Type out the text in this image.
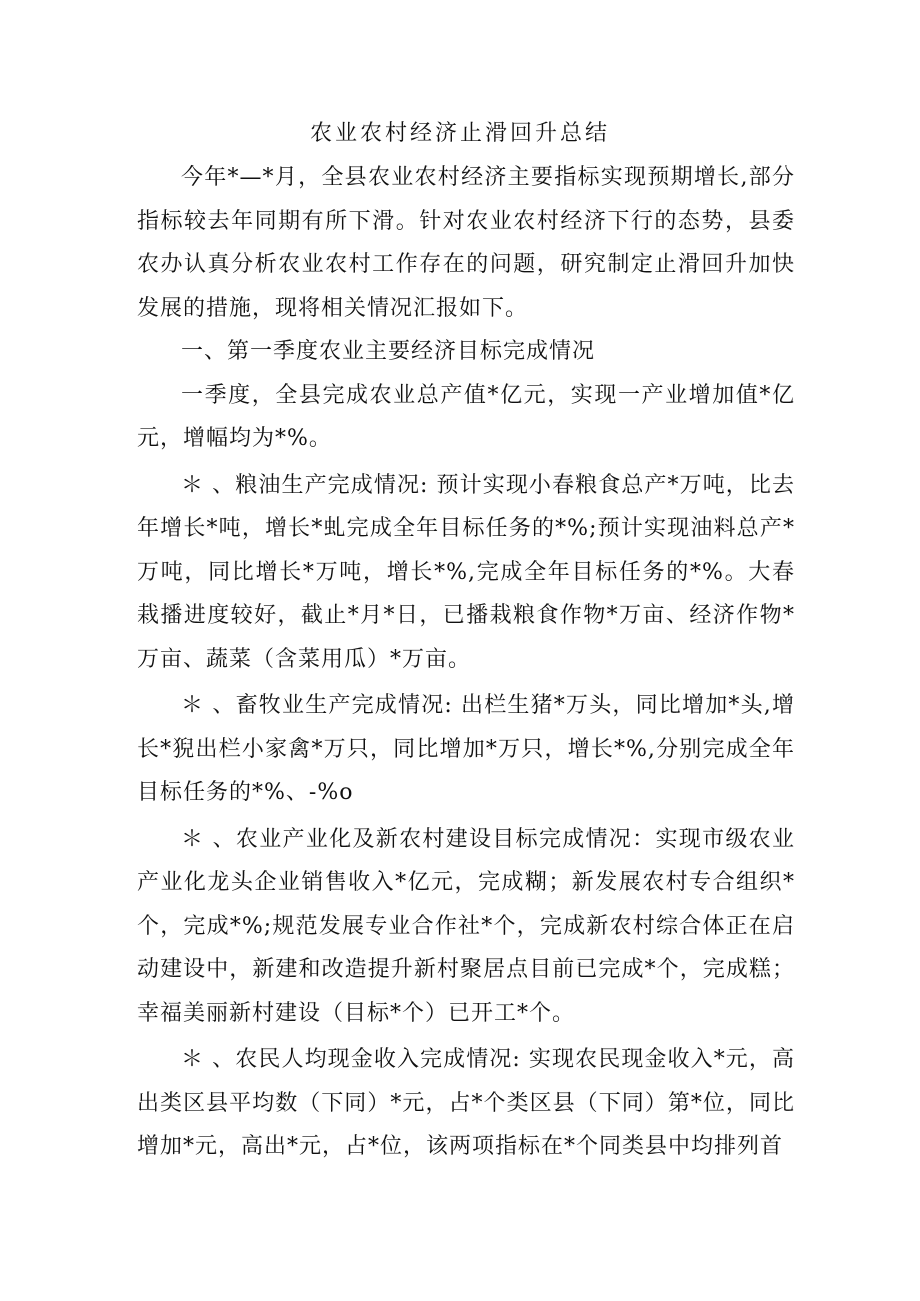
农业农村经济止滑回升总结

今年*—*月，全县农业农村经济主要指标实现预期增长,部分指标较去年同期有所下滑。针对农业农村经济下行的态势，县委农办认真分析农业农村工作存在的问题，研究制定止滑回升加快发展的措施，现将相关情况汇报如下。

一、第一季度农业主要经济目标完成情况

一季度，全县完成农业总产值*亿元，实现一产业增加值*亿元，增幅均为*%。

＊ 、粮油生产完成情况: 预计实现小春粮食总产*万吨，比去年增长*吨，增长*虬完成全年目标任务的*%;预计实现油料总产*万吨，同比增长*万吨，增长*%,完成全年目标任务的*%。大春栽播进度较好，截止*月*日，已播栽粮食作物*万亩、经济作物*万亩、蔬菜（含菜用瓜）*万亩。

＊ 、畜牧业生产完成情况: 出栏生猪*万头，同比增加*头,增长*猊出栏小家禽*万只，同比增加*万只，增长*%,分别完成全年目标任务的*%、-%o

＊ 、农业产业化及新农村建设目标完成情况：实现市级农业产业化龙头企业销售收入*亿元，完成糊；新发展农村专合组织*个，完成*%;规范发展专业合作社*个，完成新农村综合体正在启动建设中，新建和改造提升新村聚居点目前已完成*个，完成糕；幸福美丽新村建设（目标*个）已开工*个。

＊ 、农民人均现金收入完成情况: 实现农民现金收入*元，高出类区县平均数（下同）*元，占*个类区县（下同）第*位，同比增加*元，高出*元，占*位，该两项指标在*个同类县中均排列首
